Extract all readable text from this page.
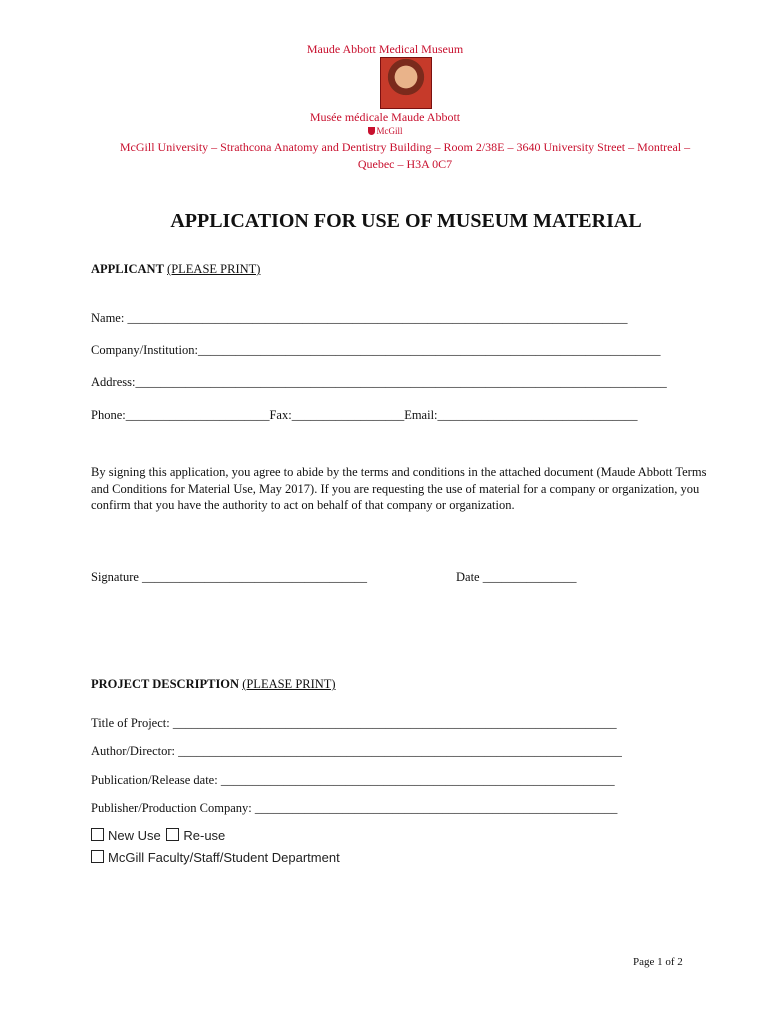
Maude Abbott Medical Museum
Musée médicale Maude Abbott
McGill
McGill University – Strathcona Anatomy and Dentistry Building – Room 2/38E – 3640 University Street – Montreal –
Quebec – H3A 0C7
APPLICATION FOR USE OF MUSEUM MATERIAL
APPLICANT (PLEASE PRINT)
Name: ________________________________________________________________________________
Company/Institution:__________________________________________________________________________
Address:_____________________________________________________________________________________
Phone:_______________________Fax:__________________Email:________________________________
By signing this application, you agree to abide by the terms and conditions in the attached document (Maude Abbott Terms and Conditions for Material Use, May 2017). If you are requesting the use of material for a company or organization, you confirm that you have the authority to act on behalf of that company or organization.
Signature ____________________________________	Date _______________
PROJECT DESCRIPTION (PLEASE PRINT)
Title of Project: _______________________________________________________________________
Author/Director: _______________________________________________________________________
Publication/Release date: _______________________________________________________________
Publisher/Production Company: __________________________________________________________
New Use Re-use
McGill Faculty/Staff/Student Department
Page 1 of 2
